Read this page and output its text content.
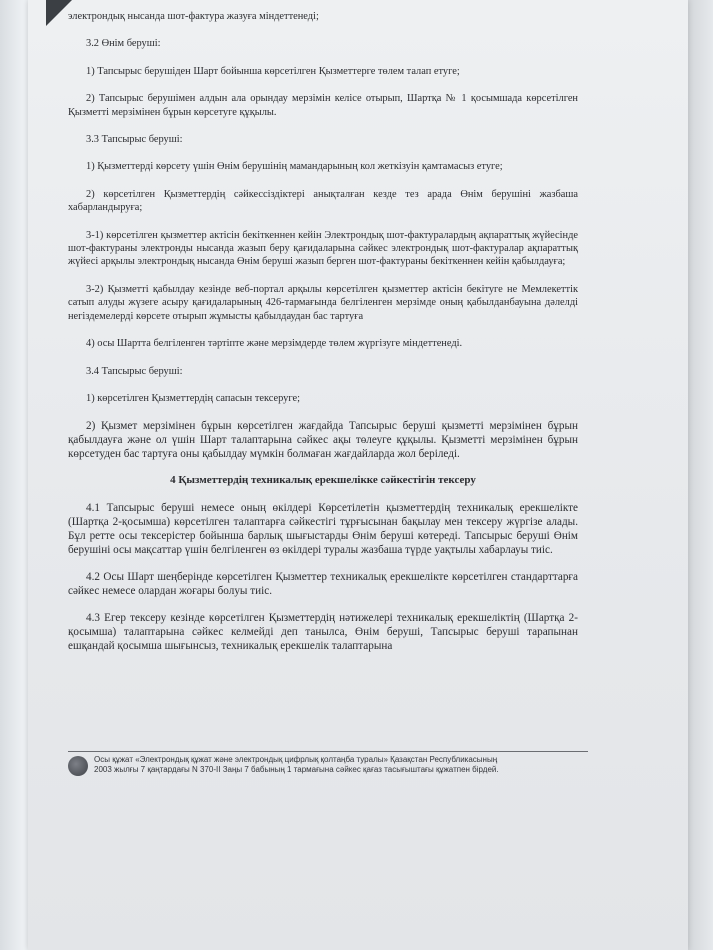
электрондық нысанда шот-фактура жазуға міндеттенеді;

3.2 Өнім беруші:

1) Тапсырыс берушіден Шарт бойынша көрсетілген Қызметтерге төлем талап етуге;

2) Тапсырыс берушімен алдын ала орындау мерзімін келісе отырып, Шартқа № 1 қосымшада көрсетілген Қызметті мерзімінен бұрын көрсетуге құқылы.

3.3 Тапсырыс беруші:

1) Қызметтерді көрсету үшін Өнім берушінің мамандарының кол жеткізуін қамтамасыз етуге;

2) көрсетілген Қызметтердің сәйкессіздіктері анықталған кезде тез арада Өнім берушіні жазбаша хабарландыруға;

3-1) көрсетілген қызметтер актісін бекіткеннен кейін Электрондық шот-фактуралардың ақпараттық жүйесінде шот-фактураны электронды нысанда жазып беру қағидаларына сәйкес электрондық шот-фактуралар ақпараттық жүйесі арқылы электрондық нысанда Өнім беруші жазып берген шот-фактураны бекіткеннен кейін қабылдауға;

3-2) Қызметті қабылдау кезінде веб-портал арқылы көрсетілген қызметтер актісін бекітуге не Мемлекеттік сатып алуды жүзеге асыру қағидаларының 426-тармағында белгіленген мерзімде оның қабылданбауына дәлелді негіздемелерді көрсете отырып жұмысты қабылдаудан бас тартуға

4) осы Шартта белгіленген тәртіпте және мерзімдерде төлем жүргізуге міндеттенеді.

3.4 Тапсырыс беруші:

1) көрсетілген Қызметтердің сапасын тексеруге;

2) Қызмет мерзімінен бұрын көрсетілген жағдайда Тапсырыс беруші қызметті мерзімінен бұрын қабылдауға және ол үшін Шарт талаптарына сәйкес ақы төлеуге құқылы. Қызметті мерзімінен бұрын көрсетуден бас тартуға оны қабылдау мүмкін болмаған жағдайларда жол беріледі.

4 Қызметтердің техникалық ерекшелікке сәйкестігін тексеру

4.1 Тапсырыс беруші немесе оның өкілдері Көрсетілетін қызметтердің техникалық ерекшелікте (Шартқа 2-қосымша) көрсетілген талаптарға сәйкестігі тұрғысынан бақылау мен тексеру жүргізе алады. Бұл ретте осы тексерістер бойынша барлық шығыстарды Өнім беруші көтереді. Тапсырыс беруші Өнім берушіні осы мақсаттар үшін белгіленген өз өкілдері туралы жазбаша түрде уақтылы хабарлауы тиіс.

4.2 Осы Шарт шеңберінде көрсетілген Қызметтер техникалық ерекшелікте көрсетілген стандарттарға сәйкес немесе олардан жоғары болуы тиіс.

4.3 Егер тексеру кезінде көрсетілген Қызметтердің нәтижелері техникалық ерекшеліктің (Шартқа 2-қосымша) талаптарына сәйкес келмейді деп танылса, Өнім беруші, Тапсырыс беруші тарапынан ешқандай қосымша шығынсыз, техникалық ерекшелік талаптарына

Осы құжат «Электрондық құжат және электрондық цифрлық қолтаңба туралы» Қазақстан Республикасының 2003 жылғы 7 қаңтардағы N 370-II Заңы 7 бабының 1 тармағына сәйкес қағаз тасығыштағы құжатпен бірдей.
